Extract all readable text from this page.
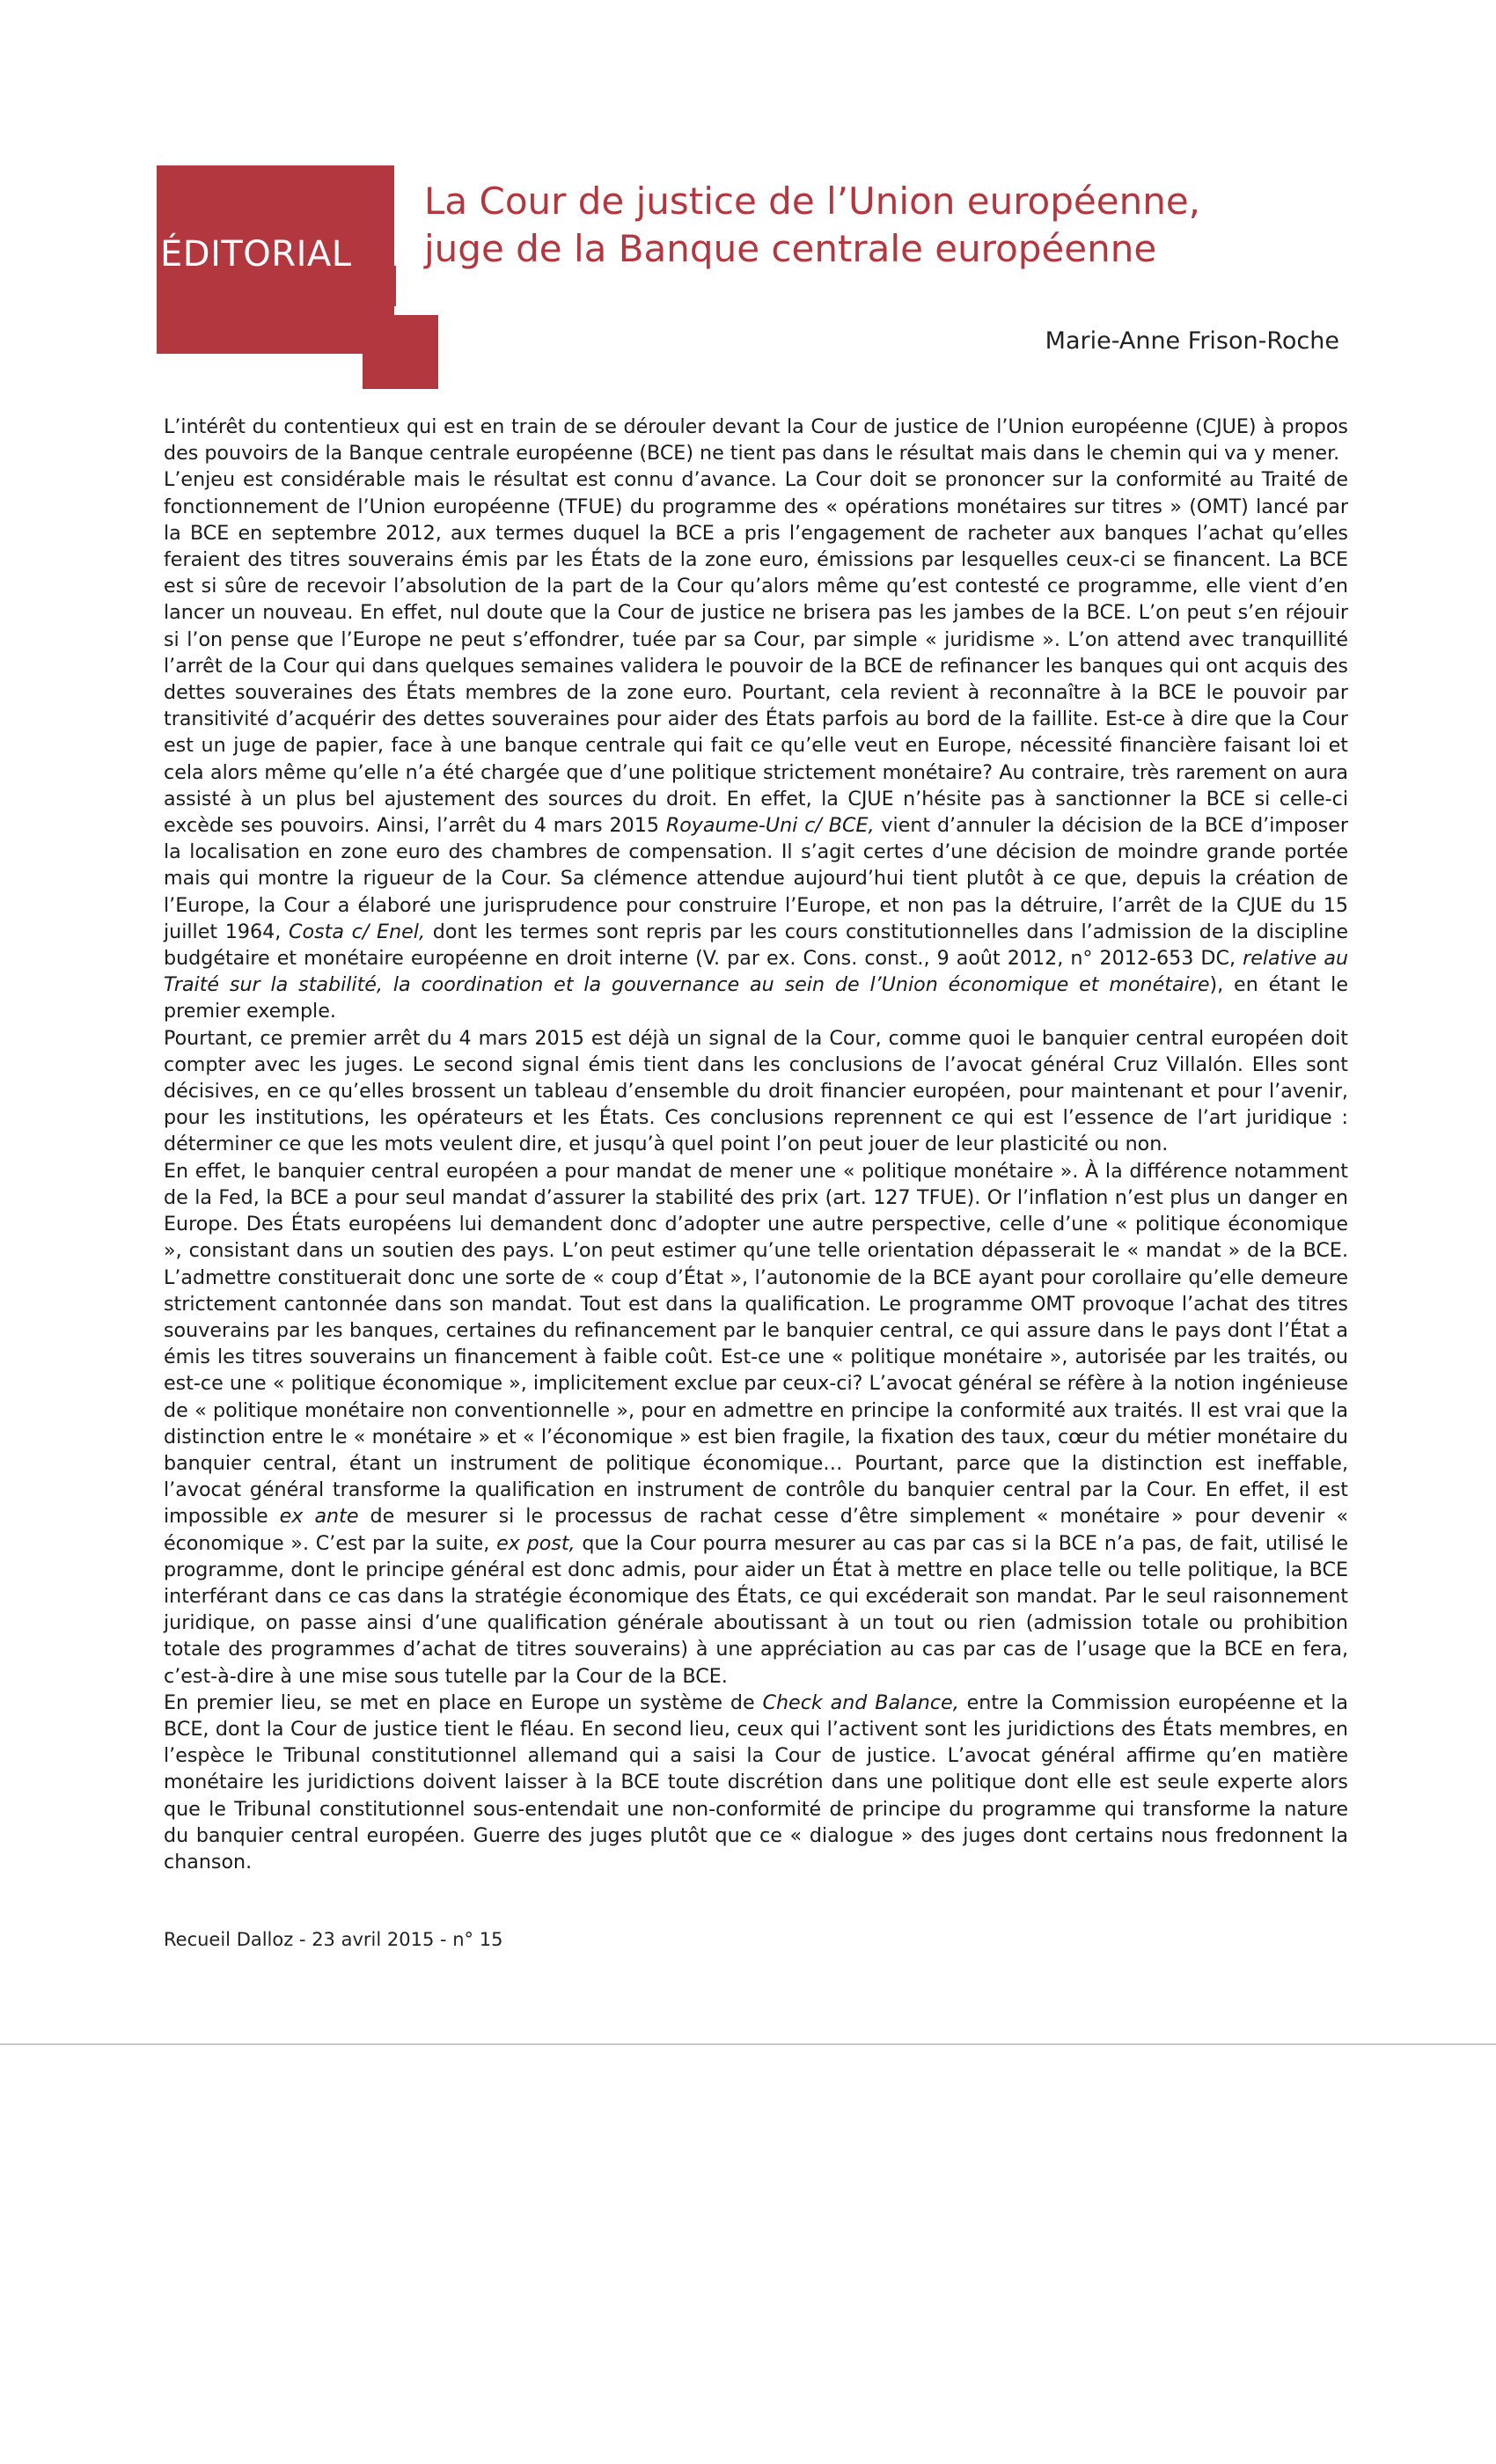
ÉDITORIAL
La Cour de justice de l’Union européenne,
juge de la Banque centrale européenne
Marie-Anne Frison-Roche

L’intérêt du contentieux qui est en train de se dérouler devant la Cour de justice de l’Union européenne (CJUE) à propos des pouvoirs de la Banque centrale européenne (BCE) ne tient pas dans le résultat mais dans le chemin qui va y mener.

L’enjeu est considérable mais le résultat est connu d’avance. La Cour doit se prononcer sur la conformité au Traité de fonctionnement de l’Union européenne (TFUE) du programme des « opérations monétaires sur titres » (OMT) lancé par la BCE en septembre 2012, aux termes duquel la BCE a pris l’engagement de racheter aux banques l’achat qu’elles feraient des titres souverains émis par les États de la zone euro, émissions par lesquelles ceux-ci se financent. La BCE est si sûre de recevoir l’absolution de la part de la Cour qu’alors même qu’est contesté ce programme, elle vient d’en lancer un nouveau. En effet, nul doute que la Cour de justice ne brisera pas les jambes de la BCE. L’on peut s’en réjouir si l’on pense que l’Europe ne peut s’effondrer, tuée par sa Cour, par simple « juridisme ». L’on attend avec tranquillité l’arrêt de la Cour qui dans quelques semaines validera le pouvoir de la BCE de refinancer les banques qui ont acquis des dettes souveraines des États membres de la zone euro. Pourtant, cela revient à reconnaître à la BCE le pouvoir par transitivité d’acquérir des dettes souveraines pour aider des États parfois au bord de la faillite. Est-ce à dire que la Cour est un juge de papier, face à une banque centrale qui fait ce qu’elle veut en Europe, nécessité financière faisant loi et cela alors même qu’elle n’a été chargée que d’une politique strictement monétaire? Au contraire, très rarement on aura assisté à un plus bel ajustement des sources du droit. En effet, la CJUE n’hésite pas à sanctionner la BCE si celle-ci excède ses pouvoirs. Ainsi, l’arrêt du 4 mars 2015 Royaume-Uni c/ BCE, vient d’annuler la décision de la BCE d’imposer la localisation en zone euro des chambres de compensation. Il s’agit certes d’une décision de moindre grande portée mais qui montre la rigueur de la Cour. Sa clémence attendue aujourd’hui tient plutôt à ce que, depuis la création de l’Europe, la Cour a élaboré une jurisprudence pour construire l’Europe, et non pas la détruire, l’arrêt de la CJUE du 15 juillet 1964, Costa c/ Enel, dont les termes sont repris par les cours constitutionnelles dans l’admission de la discipline budgétaire et monétaire européenne en droit interne (V. par ex. Cons. const., 9 août 2012, n° 2012-653 DC, relative au Traité sur la stabilité, la coordination et la gouvernance au sein de l’Union économique et monétaire), en étant le premier exemple.

Pourtant, ce premier arrêt du 4 mars 2015 est déjà un signal de la Cour, comme quoi le banquier central européen doit compter avec les juges. Le second signal émis tient dans les conclusions de l’avocat général Cruz Villalón. Elles sont décisives, en ce qu’elles brossent un tableau d’ensemble du droit financier européen, pour maintenant et pour l’avenir, pour les institutions, les opérateurs et les États. Ces conclusions reprennent ce qui est l’essence de l’art juridique : déterminer ce que les mots veulent dire, et jusqu’à quel point l’on peut jouer de leur plasticité ou non.

En effet, le banquier central européen a pour mandat de mener une « politique monétaire ». À la différence notamment de la Fed, la BCE a pour seul mandat d’assurer la stabilité des prix (art. 127 TFUE). Or l’inflation n’est plus un danger en Europe. Des États européens lui demandent donc d’adopter une autre perspective, celle d’une « politique économique », consistant dans un soutien des pays. L’on peut estimer qu’une telle orientation dépasserait le « mandat » de la BCE. L’admettre constituerait donc une sorte de « coup d’État », l’autonomie de la BCE ayant pour corollaire qu’elle demeure strictement cantonnée dans son mandat. Tout est dans la qualification. Le programme OMT provoque l’achat des titres souverains par les banques, certaines du refinancement par le banquier central, ce qui assure dans le pays dont l’État a émis les titres souverains un financement à faible coût. Est-ce une « politique monétaire », autorisée par les traités, ou est-ce une « politique économique », implicitement exclue par ceux-ci? L’avocat général se réfère à la notion ingénieuse de « politique monétaire non conventionnelle », pour en admettre en principe la conformité aux traités. Il est vrai que la distinction entre le « monétaire » et « l’économique » est bien fragile, la fixation des taux, cœur du métier monétaire du banquier central, étant un instrument de politique économique… Pourtant, parce que la distinction est ineffable, l’avocat général transforme la qualification en instrument de contrôle du banquier central par la Cour. En effet, il est impossible ex ante de mesurer si le processus de rachat cesse d’être simplement « monétaire » pour devenir « économique ». C’est par la suite, ex post, que la Cour pourra mesurer au cas par cas si la BCE n’a pas, de fait, utilisé le programme, dont le principe général est donc admis, pour aider un État à mettre en place telle ou telle politique, la BCE interférant dans ce cas dans la stratégie économique des États, ce qui excéderait son mandat. Par le seul raisonnement juridique, on passe ainsi d’une qualification générale aboutissant à un tout ou rien (admission totale ou prohibition totale des programmes d’achat de titres souverains) à une appréciation au cas par cas de l’usage que la BCE en fera, c’est-à-dire à une mise sous tutelle par la Cour de la BCE.

En premier lieu, se met en place en Europe un système de Check and Balance, entre la Commission européenne et la BCE, dont la Cour de justice tient le fléau. En second lieu, ceux qui l’activent sont les juridictions des États membres, en l’espèce le Tribunal constitutionnel allemand qui a saisi la Cour de justice. L’avocat général affirme qu’en matière monétaire les juridictions doivent laisser à la BCE toute discrétion dans une politique dont elle est seule experte alors que le Tribunal constitutionnel sous-entendait une non-conformité de principe du programme qui transforme la nature du banquier central européen. Guerre des juges plutôt que ce « dialogue » des juges dont certains nous fredonnent la chanson.

Recueil Dalloz - 23 avril 2015 - n° 15
